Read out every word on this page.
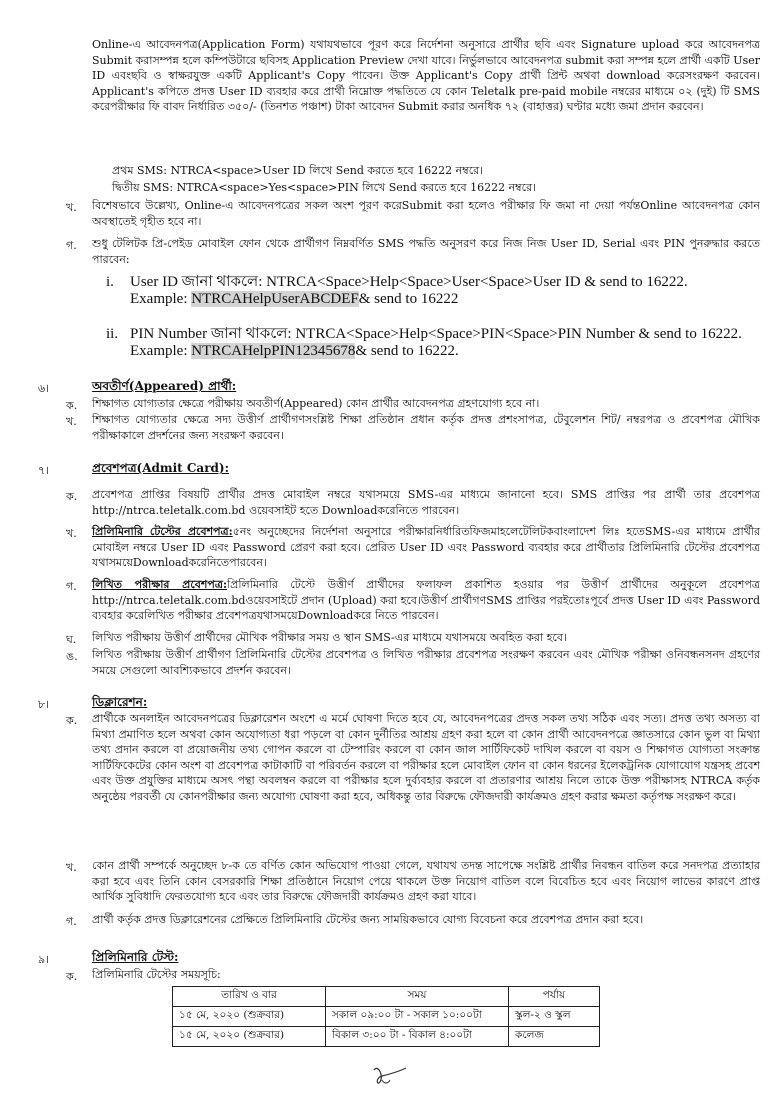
Online-এ আবেদনপত্র(Application Form) যথাযথভাবে পূরণ করে নির্দেশনা অনুসারে প্রার্থীর ছবি এবং Signature upload করে আবেদনপত্র Submit করাসম্পন্ন হলে কম্পিউটারে ছবিসহ Application Preview দেখা যাবে। নির্ভুলভাবে আবেদনপত্র submit করা সম্পন্ন হলে প্রার্থী একটি User ID এবংছবি ও স্বাক্ষরযুক্ত একটি Applicant's Copy পাবেন। উক্ত Applicant's Copy প্রার্থী প্রিন্ট অথবা download করেসংরক্ষণ করবেন। Applicant's কপিতে প্রদত্ত User ID ব্যবহার করে প্রার্থী নিম্নোক্ত পদ্ধতিতে যে কোন Teletalk pre-paid mobile নম্বরের মাধ্যমে ০২ (দুই) টি SMS করেপরীক্ষার ফি বাবদ নির্ধারিত ৩৫০/- (তিনশত পঞ্চাশ) টাকা আবেদন Submit করার অনধিক ৭২ (বাহাত্তর) ঘণ্টার মধ্যে জমা প্রদান করবেন।
প্রথম SMS: NTRCA<space>User ID লিখে Send করতে হবে 16222 নম্বরে।
দ্বিতীয় SMS: NTRCA<space>Yes<space>PIN লিখে Send করতে হবে 16222 নম্বরে।
খ.	বিশেষভাবে উল্লেখ্য, Online-এ আবেদনপত্রের সকল অংশ পূরণ করেSubmit করা হলেও পরীক্ষার ফি জমা না দেয়া পর্যন্তOnline আবেদনপত্র কোন অবস্থাতেই গৃহীত হবে না।
গ.	শুধু টেলিটক প্রি-পেইড মোবাইল ফোন থেকে প্রার্থীগণ নিম্নবর্ণিত SMS পদ্ধতি অনুসরণ করে নিজ নিজ User ID, Serial এবং PIN পুনরুদ্ধার করতে পারবেন:
i.	User ID জানা থাকলে: NTRCA<Space>Help<Space>User<Space>User ID & send to 16222.
Example: NTRCAHelpUserABCDEF& send to 16222
ii. PIN Number জানা থাকলে: NTRCA<Space>Help<Space>PIN<Space>PIN Number & send to 16222.
Example: NTRCAHelpPIN12345678& send to 16222.
৬।	অবতীর্ণ(Appeared) প্রার্থী:
ক.	শিক্ষাগত যোগ্যতার ক্ষেত্রে পরীক্ষায় অবতীর্ণ(Appeared) কোন প্রার্থীর আবেদনপত্র গ্রহণযোগ্য হবে না।
খ.	শিক্ষাগত যোগ্যতার ক্ষেত্রে সদ্য উত্তীর্ণ প্রার্থীগণসংশ্লিষ্ট শিক্ষা প্রতিষ্ঠান প্রধান কর্তৃক প্রদত্ত প্রশংসাপত্র, টেবুলেশন শিট/ নম্বরপত্র ও প্রবেশপত্র মৌখিক পরীক্ষাকালে প্রদর্শনের জন্য সংরক্ষণ করবেন।
৭।	প্রবেশপত্র(Admit Card):
ক.	প্রবেশপত্র প্রাপ্তির বিষয়টি প্রার্থীর প্রদত্ত মোবাইল নম্বরে যথাসময়ে SMS-এর মাধ্যমে জানানো হবে। SMS প্রাপ্তির পর প্রার্থী তার প্রবেশপত্র http://ntrca.teletalk.com.bd ওয়েবসাইট হতে Downloadকরেনিতে পারবেন।
খ.	প্রিলিমিনারি টেস্টের প্রবেশপত্র:৫নং অনুচ্ছেদের নির্দেশনা অনুসারে পরীক্ষারনির্ধারিতফিজমাহলেটেলিটকবাংলাদেশ লিঃ হতেSMS-এর মাধ্যমে প্রার্থীর মোবাইল নম্বরে User ID এবং Password প্রেরণ করা হবে। প্রেরিত User ID এবং Password ব্যবহার করে প্রার্থীতার প্রিলিমিনারি টেস্টের প্রবেশপত্র যথাসময়েDownloadকরেনিতেপারবেন।
গ.	লিখিত পরীক্ষার প্রবেশপত্র:প্রিলিমিনারি টেস্টে উত্তীর্ণ প্রার্থীদের ফলাফল প্রকাশিত হওয়ার পর উত্তীর্ণ প্রার্থীদের অনুকূলে প্রবেশপত্র http://ntrca.teletalk.com.bdওয়েবসাইটে প্রদান (Upload) করা হবে।উত্তীর্ণ প্রার্থীগণSMS প্রাপ্তির পরইতোঃপূর্বে প্রদত্ত User ID এবং Password ব্যবহার করেলিখিত পরীক্ষার প্রবেশপত্রযথাসময়েDownloadকরে নিতে পারবেন।
ঘ.	লিখিত পরীক্ষায় উত্তীর্ণ প্রার্থীদের মৌখিক পরীক্ষার সময় ও স্থান SMS-এর মাধ্যমে যথাসময়ে অবহিত করা হবে।
ঙ.	লিখিত পরীক্ষায় উত্তীর্ণ প্রার্থীগণ প্রিলিমিনারি টেস্টের প্রবেশপত্র ও লিখিত পরীক্ষার প্রবেশপত্র সংরক্ষণ করবেন এবং মৌখিক পরীক্ষা ওনিবন্ধনসনদ গ্রহণের সময়ে সেগুলো আবশ্যিকভাবে প্রদর্শন করবেন।
৮।	ডিক্লারেশন:
ক.	প্রার্থীকে অনলাইন আবেদনপত্রের ডিক্লারেশন অংশে এ মর্মে ঘোষণা দিতে হবে যে, আবেদনপত্রের প্রদত্ত সকল তথ্য সঠিক এবং সত্য। প্রদত্ত তথ্য অসত্য বা মিথ্যা প্রমাণিত হলে অথবা কোন অযোগ্যতা ধরা পড়লে বা কোন দুর্নীতির আশ্রয় গ্রহণ করা হলে বা কোন প্রার্থী আবেদনপত্রে জ্ঞাতসারে কোন ভুল বা মিথ্যা তথ্য প্রদান করলে বা প্রয়োজনীয় তথ্য গোপন করলে বা টেম্পারিং করলে বা কোন জাল সার্টিফিকেট দাখিল করলে বা বয়স ও শিক্ষাগত যোগ্যতা সংক্রান্ত সার্টিফিকেটের কোন অংশ বা প্রবেশপত্র কাটাকাটি বা পরিবর্তন করলে বা পরীক্ষার হলে মোবাইল ফোন বা কোন ধরনের ইলেকট্রনিক যোগাযোগ যন্ত্রসহ প্রবেশ এবং উক্ত প্রযুক্তির মাধ্যমে অসৎ পন্থা অবলম্বন করলে বা পরীক্ষার হলে দুর্ব্যবহার করলে বা প্রতারণার আশ্রয় নিলে তাকে উক্ত পরীক্ষাসহ NTRCA কর্তৃক অনুষ্ঠেয় পরবর্তী যে কোনপরীক্ষার জন্য অযোগ্য ঘোষণা করা হবে, অধিকন্তু তার বিরুদ্ধে ফৌজদারী কার্যক্রমও গ্রহণ করার ক্ষমতা কর্তৃপক্ষ সংরক্ষণ করে।
খ.	কোন প্রার্থী সম্পর্কে অনুচ্ছেদ ৮-ক তে বর্ণিত কোন অভিযোগ পাওয়া গেলে, যথাযথ তদন্ত সাপেক্ষে সংশ্লিষ্ট প্রার্থীর নিবন্ধন বাতিল করে সনদপত্র প্রত্যাহার করা হবে এবং তিনি কোন বেসরকারি শিক্ষা প্রতিষ্ঠানে নিয়োগ পেয়ে থাকলে উক্ত নিয়োগ বাতিল বলে বিবেচিত হবে এবং নিয়োগ লাভের কারণে প্রাপ্ত আর্থিক সুবিধাদি ফেরতযোগ্য হবে এবং তার বিরুদ্ধে ফৌজদারী কার্যক্রমও গ্রহণ করা যাবে।
গ.	প্রার্থী কর্তৃক প্রদত্ত ডিক্লারেশনের প্রেক্ষিতে প্রিলিমিনারি টেস্টের জন্য সাময়িকভাবে যোগ্য বিবেচনা করে প্রবেশপত্র প্রদান করা হবে।
৯।	প্রিলিমিনারি টেস্ট:
ক.	প্রিলিমিনারি টেস্টের সময়সূচি:
তারিখ ও বার	সময়	পর্যায়
১৫ মে, ২০২০ (শুক্রবার)	সকাল ০৯:০০ টা - সকাল ১০:০০টা	স্কুল-২ ও স্কুল
১৫ মে, ২০২০ (শুক্রবার)	বিকাল ৩:০০ টা - বিকাল ৪:০০টা	কলেজ
